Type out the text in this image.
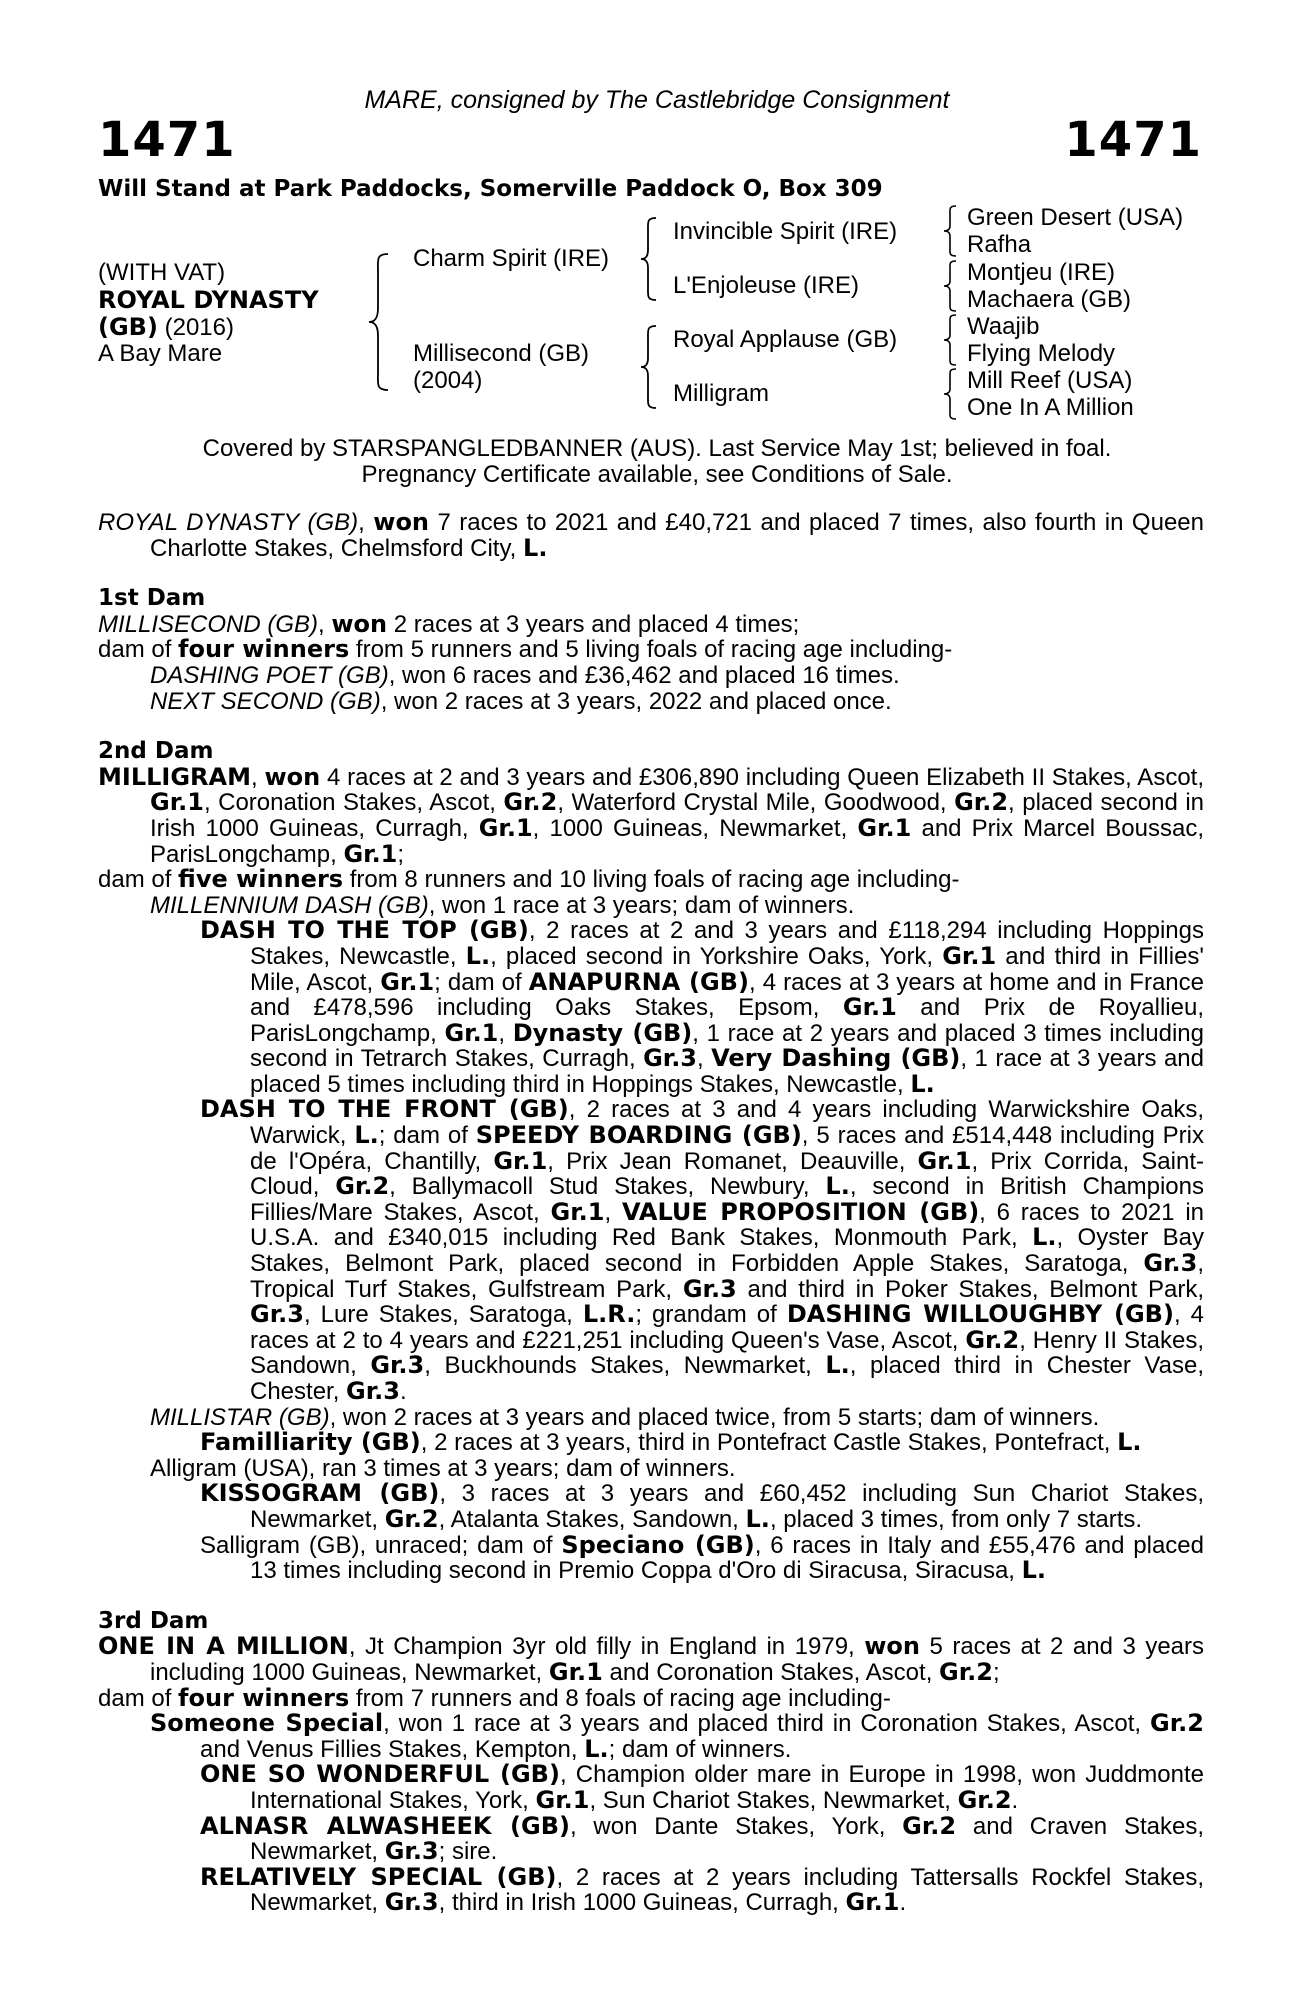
MARE, consigned by The Castlebridge Consignment
1471	1471
Will Stand at Park Paddocks, Somerville Paddock O, Box 309
(WITH VAT)
ROYAL DYNASTY
(GB) (2016)
A Bay Mare
Charm Spirit (IRE)
Millisecond (GB)
(2004)
Invincible Spirit (IRE)
L'Enjoleuse (IRE)
Royal Applause (GB)
Milligram
Green Desert (USA)
Rafha
Montjeu (IRE)
Machaera (GB)
Waajib
Flying Melody
Mill Reef (USA)
One In A Million
Covered by STARSPANGLEDBANNER (AUS). Last Service May 1st; believed in foal.
Pregnancy Certificate available, see Conditions of Sale.

ROYAL DYNASTY (GB), won 7 races to 2021 and £40,721 and placed 7 times, also fourth in Queen Charlotte Stakes, Chelmsford City, L.

1st Dam

MILLISECOND (GB), won 2 races at 3 years and placed 4 times;

dam of four winners from 5 runners and 5 living foals of racing age including-

DASHING POET (GB), won 6 races and £36,462 and placed 16 times.

NEXT SECOND (GB), won 2 races at 3 years, 2022 and placed once.

2nd Dam

MILLIGRAM, won 4 races at 2 and 3 years and £306,890 including Queen Elizabeth II Stakes, Ascot, Gr.1, Coronation Stakes, Ascot, Gr.2, Waterford Crystal Mile, Goodwood, Gr.2, placed second in Irish 1000 Guineas, Curragh, Gr.1, 1000 Guineas, Newmarket, Gr.1 and Prix Marcel Boussac, ParisLongchamp, Gr.1;

dam of five winners from 8 runners and 10 living foals of racing age including-

MILLENNIUM DASH (GB), won 1 race at 3 years; dam of winners.

DASH TO THE TOP (GB), 2 races at 2 and 3 years and £118,294 including Hoppings Stakes, Newcastle, L., placed second in Yorkshire Oaks, York, Gr.1 and third in Fillies' Mile, Ascot, Gr.1; dam of ANAPURNA (GB), 4 races at 3 years at home and in France and £478,596 including Oaks Stakes, Epsom, Gr.1 and Prix de Royallieu, ParisLongchamp, Gr.1, Dynasty (GB), 1 race at 2 years and placed 3 times including second in Tetrarch Stakes, Curragh, Gr.3, Very Dashing (GB), 1 race at 3 years and placed 5 times including third in Hoppings Stakes, Newcastle, L.

DASH TO THE FRONT (GB), 2 races at 3 and 4 years including Warwickshire Oaks, Warwick, L.; dam of SPEEDY BOARDING (GB), 5 races and £514,448 including Prix de l'Opéra, Chantilly, Gr.1, Prix Jean Romanet, Deauville, Gr.1, Prix Corrida, Saint-Cloud, Gr.2, Ballymacoll Stud Stakes, Newbury, L., second in British Champions Fillies/Mare Stakes, Ascot, Gr.1, VALUE PROPOSITION (GB), 6 races to 2021 in U.S.A. and £340,015 including Red Bank Stakes, Monmouth Park, L., Oyster Bay Stakes, Belmont Park, placed second in Forbidden Apple Stakes, Saratoga, Gr.3, Tropical Turf Stakes, Gulfstream Park, Gr.3 and third in Poker Stakes, Belmont Park, Gr.3, Lure Stakes, Saratoga, L.R.; grandam of DASHING WILLOUGHBY (GB), 4 races at 2 to 4 years and £221,251 including Queen's Vase, Ascot, Gr.2, Henry II Stakes, Sandown, Gr.3, Buckhounds Stakes, Newmarket, L., placed third in Chester Vase, Chester, Gr.3.

MILLISTAR (GB), won 2 races at 3 years and placed twice, from 5 starts; dam of winners.

Familliarity (GB), 2 races at 3 years, third in Pontefract Castle Stakes, Pontefract, L.

Alligram (USA), ran 3 times at 3 years; dam of winners.

KISSOGRAM (GB), 3 races at 3 years and £60,452 including Sun Chariot Stakes, Newmarket, Gr.2, Atalanta Stakes, Sandown, L., placed 3 times, from only 7 starts.

Salligram (GB), unraced; dam of Speciano (GB), 6 races in Italy and £55,476 and placed 13 times including second in Premio Coppa d'Oro di Siracusa, Siracusa, L.

3rd Dam

ONE IN A MILLION, Jt Champion 3yr old filly in England in 1979, won 5 races at 2 and 3 years including 1000 Guineas, Newmarket, Gr.1 and Coronation Stakes, Ascot, Gr.2;

dam of four winners from 7 runners and 8 foals of racing age including-

Someone Special, won 1 race at 3 years and placed third in Coronation Stakes, Ascot, Gr.2 and Venus Fillies Stakes, Kempton, L.; dam of winners.

ONE SO WONDERFUL (GB), Champion older mare in Europe in 1998, won Juddmonte International Stakes, York, Gr.1, Sun Chariot Stakes, Newmarket, Gr.2.

ALNASR ALWASHEEK (GB), won Dante Stakes, York, Gr.2 and Craven Stakes, Newmarket, Gr.3; sire.

RELATIVELY SPECIAL (GB), 2 races at 2 years including Tattersalls Rockfel Stakes, Newmarket, Gr.3, third in Irish 1000 Guineas, Curragh, Gr.1.
